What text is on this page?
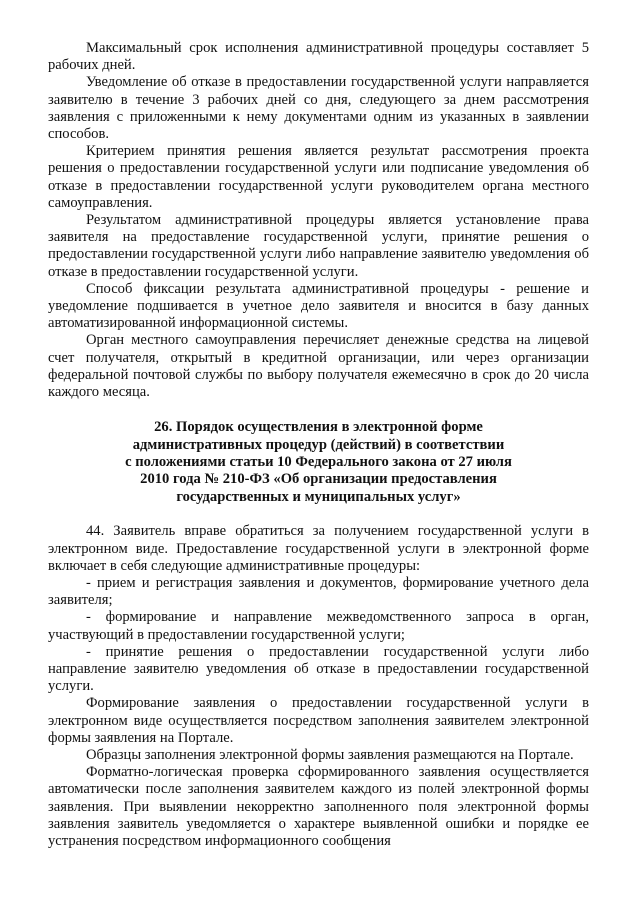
Максимальный срок исполнения административной процедуры составляет 5 рабочих дней.

Уведомление об отказе в предоставлении государственной услуги направляется заявителю в течение 3 рабочих дней со дня, следующего за днем рассмотрения заявления с приложенными к нему документами одним из указанных в заявлении способов.

Критерием принятия решения является результат рассмотрения проекта решения о предоставлении государственной услуги или подписание уведомления об отказе в предоставлении государственной услуги руководителем органа местного самоуправления.

Результатом административной процедуры является установление права заявителя на предоставление государственной услуги, принятие решения о предоставлении государственной услуги либо направление заявителю уведомления об отказе в предоставлении государственной услуги.

Способ фиксации результата административной процедуры - решение и уведомление подшивается в учетное дело заявителя и вносится в базу данных автоматизированной информационной системы.

Орган местного самоуправления перечисляет денежные средства на лицевой счет получателя, открытый в кредитной организации, или через организации федеральной почтовой службы по выбору получателя ежемесячно в срок до 20 числа каждого месяца.

26. Порядок осуществления в электронной форме
административных процедур (действий) в соответствии
с положениями статьи 10 Федерального закона от 27 июля
2010 года № 210-ФЗ «Об организации предоставления
государственных и муниципальных услуг»

44. Заявитель вправе обратиться за получением государственной услуги в электронном виде. Предоставление государственной услуги в электронной форме включает в себя следующие административные процедуры:

- прием и регистрация заявления и документов, формирование учетного дела заявителя;

- формирование и направление межведомственного запроса в орган, участвующий в предоставлении государственной услуги;

- принятие решения о предоставлении государственной услуги либо направление заявителю уведомления об отказе в предоставлении государственной услуги.

Формирование заявления о предоставлении государственной услуги в электронном виде осуществляется посредством заполнения заявителем электронной формы заявления на Портале.

Образцы заполнения электронной формы заявления размещаются на Портале.

Форматно-логическая проверка сформированного заявления осуществляется автоматически после заполнения заявителем каждого из полей электронной формы заявления. При выявлении некорректно заполненного поля электронной формы заявления заявитель уведомляется о характере выявленной ошибки и порядке ее устранения посредством информационного сообщения
